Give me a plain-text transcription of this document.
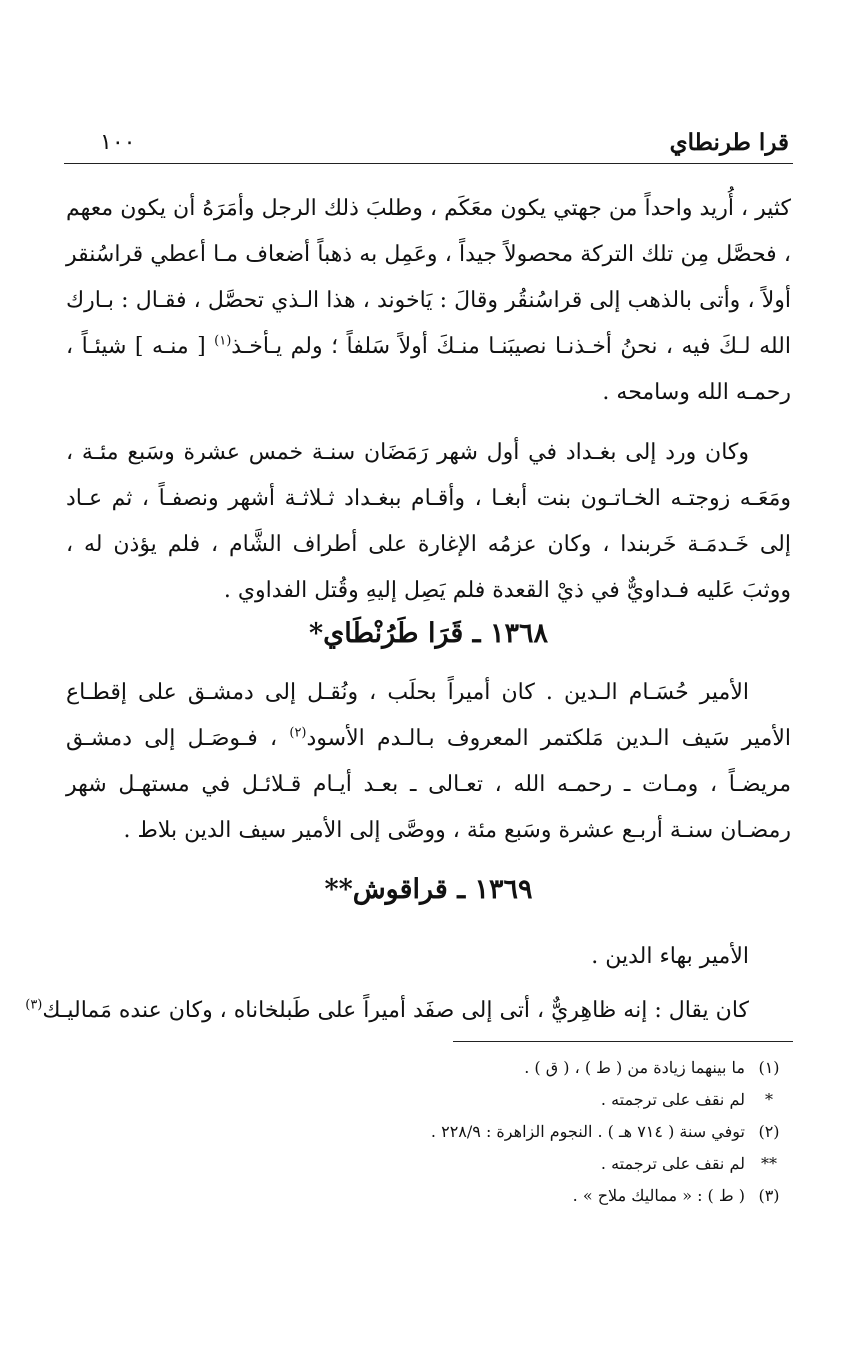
قرا طرنطاي
١٠٠
كثير ، أُريد واحداً من جهتي يكون معَكَم ، وطلبَ ذلك الرجل وأمَرَهُ أن يكون معهم ، فحصَّل مِن تلك التركة محصولاً جيداً ، وعَمِل به ذهباً أضعاف مـا أعطي قراسُنقر أولاً ، وأتى بالذهب إلى قراسُنقُر وقالَ : يَاخوند ، هذا الـذي تحصَّل ، فقـال : بـارك الله لـكَ فيه ، نحنُ أخـذنـا نصيبَنـا منـكَ أولاً سَلفاً ؛ ولم يـأخـذ$^{(١)}$ [ منـه ] شيئـاً ، رحمـه الله وسامحه .
وكان ورد إلى بغـداد في أول شهر رَمَضَان سنـة خمس عشرة وسَبع مئـة ، ومَعَـه زوجتـه الخـاتـون بنت أبغـا ، وأقـام ببغـداد ثـلاثـة أشهر ونصفـاً ، ثم عـاد إلى خَـدمَـة خَربندا ، وكان عزمُه الإغارة على أطراف الشَّام ، فلم يؤذن له ، ووثبَ عَليه فـداويٌّ في ذيْ القعدة فلم يَصِل إليهِ وقُتل الفداوي .
١٣٦٨ ـ قَرَا طَرُنْطَاي*
الأمير حُسَـام الـدين . كان أميراً بحلَب ، ونُقـل إلى دمشـق على إقطـاع الأمير سَيف الـدين مَلكتمر المعروف بـالـدم الأسود$^{(٢)}$ ، فـوصَـل إلى دمشـق مريضـاً ، ومـات ـ رحمـه الله ، تعـالى ـ بعـد أيـام قـلائـل في مستهـل شهر رمضـان سنـة أربـع عشرة وسَبع مئة ، ووصَّى إلى الأمير سيف الدين بلاط .
١٣٦٩ ـ قراقوش**
الأمير بهاء الدين .
كان يقال : إنه ظاهِريٌّ ، أتى إلى صفَد أميراً على طَبلخاناه ، وكان عنده مَماليـك$^{(٣)}$
(١)
ما بينهما زيادة من ( ط ) ، ( ق ) .
*
لم نقف على ترجمته .
(٢)
توفي سنة ( ٧١٤ هـ ) . النجوم الزاهرة : ٢٢٨/٩ .
**
لم نقف على ترجمته .
(٣)
( ط ) : « مماليك ملاح » .
